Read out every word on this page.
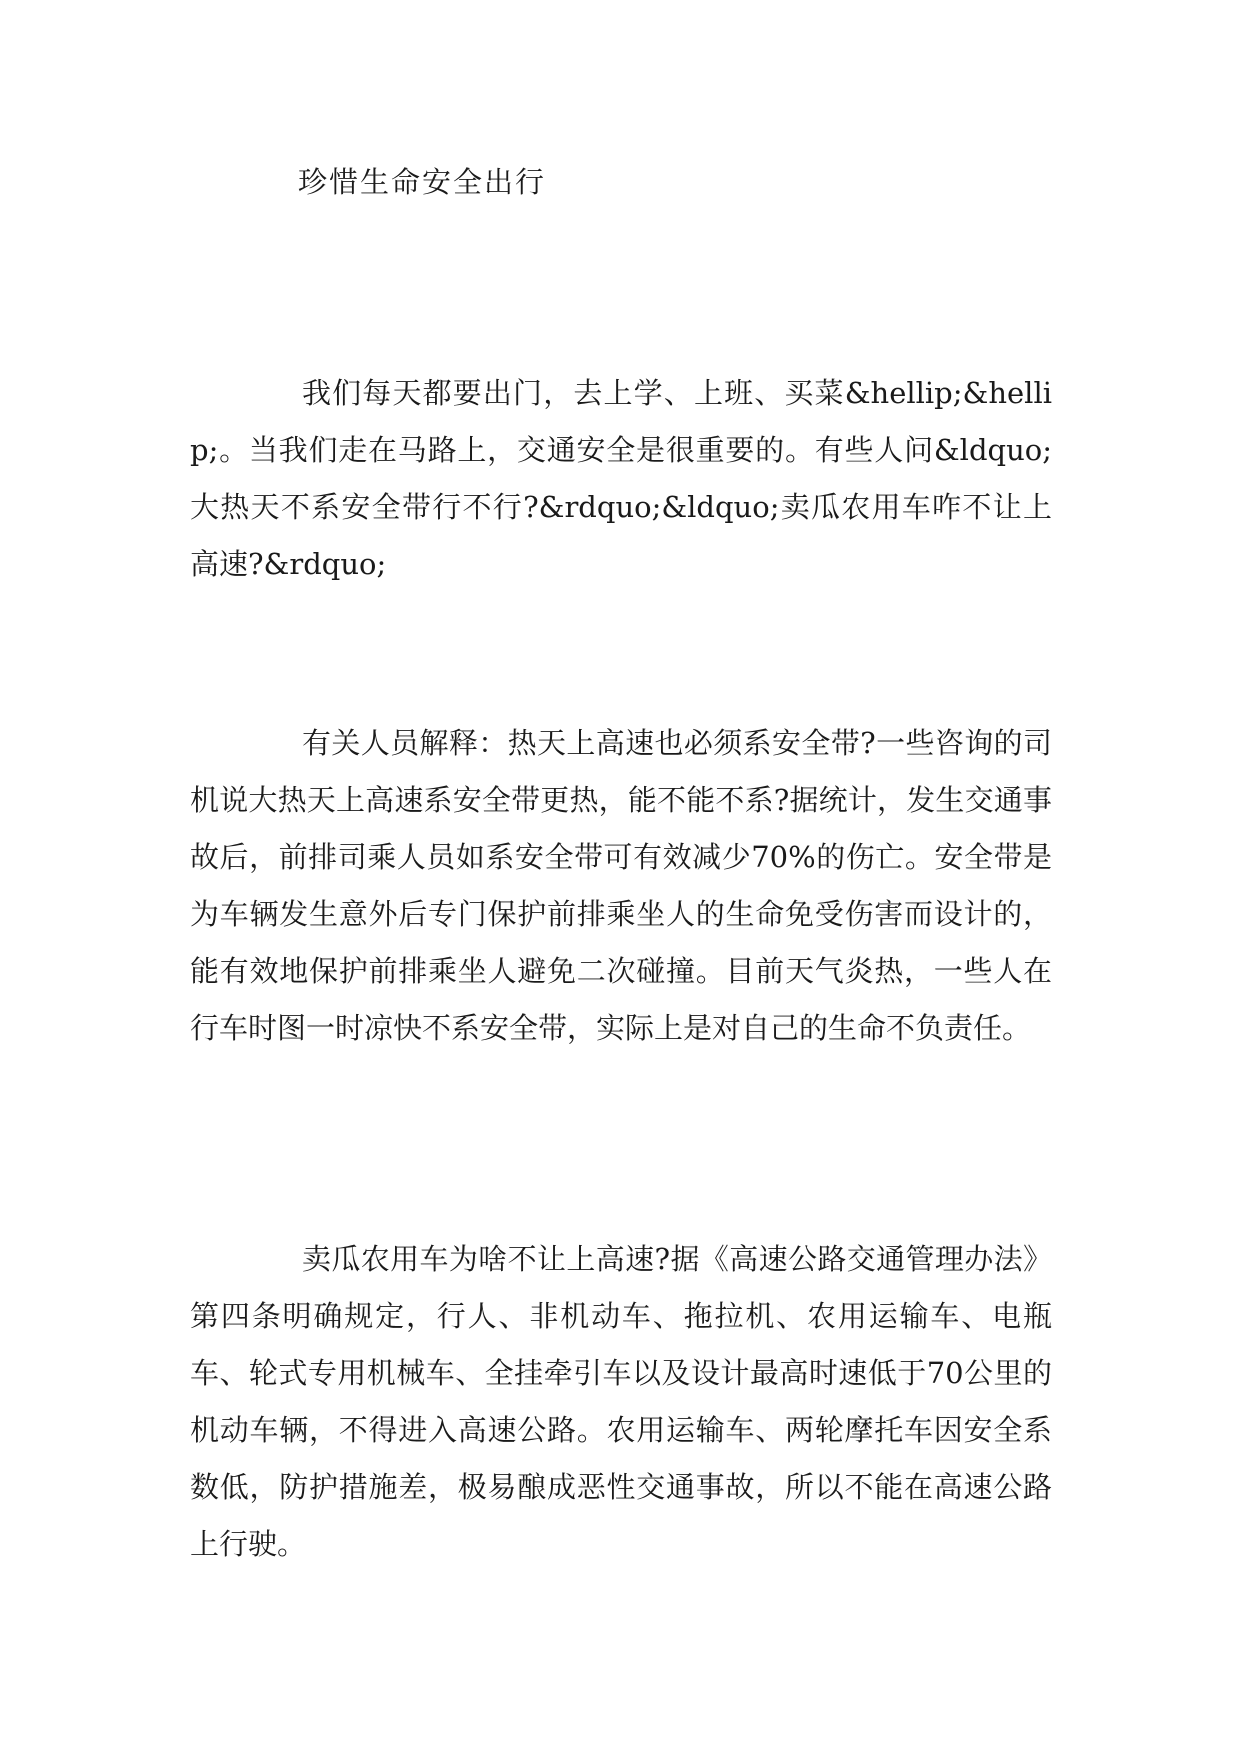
珍惜生命安全出行

我们每天都要出门，去上学、上班、买菜&hellip;&hellip;。当我们走在马路上，交通安全是很重要的。有些人问&ldquo;大热天不系安全带行不行?&rdquo;&ldquo;卖瓜农用车咋不让上高速?&rdquo;

有关人员解释：热天上高速也必须系安全带?一些咨询的司机说大热天上高速系安全带更热，能不能不系?据统计，发生交通事故后，前排司乘人员如系安全带可有效减少70%的伤亡。安全带是为车辆发生意外后专门保护前排乘坐人的生命免受伤害而设计的，能有效地保护前排乘坐人避免二次碰撞。目前天气炎热，一些人在行车时图一时凉快不系安全带，实际上是对自己的生命不负责任。

卖瓜农用车为啥不让上高速?据《高速公路交通管理办法》第四条明确规定，行人、非机动车、拖拉机、农用运输车、电瓶车、轮式专用机械车、全挂牵引车以及设计最高时速低于70公里的机动车辆，不得进入高速公路。农用运输车、两轮摩托车因安全系数低，防护措施差，极易酿成恶性交通事故，所以不能在高速公路上行驶。
